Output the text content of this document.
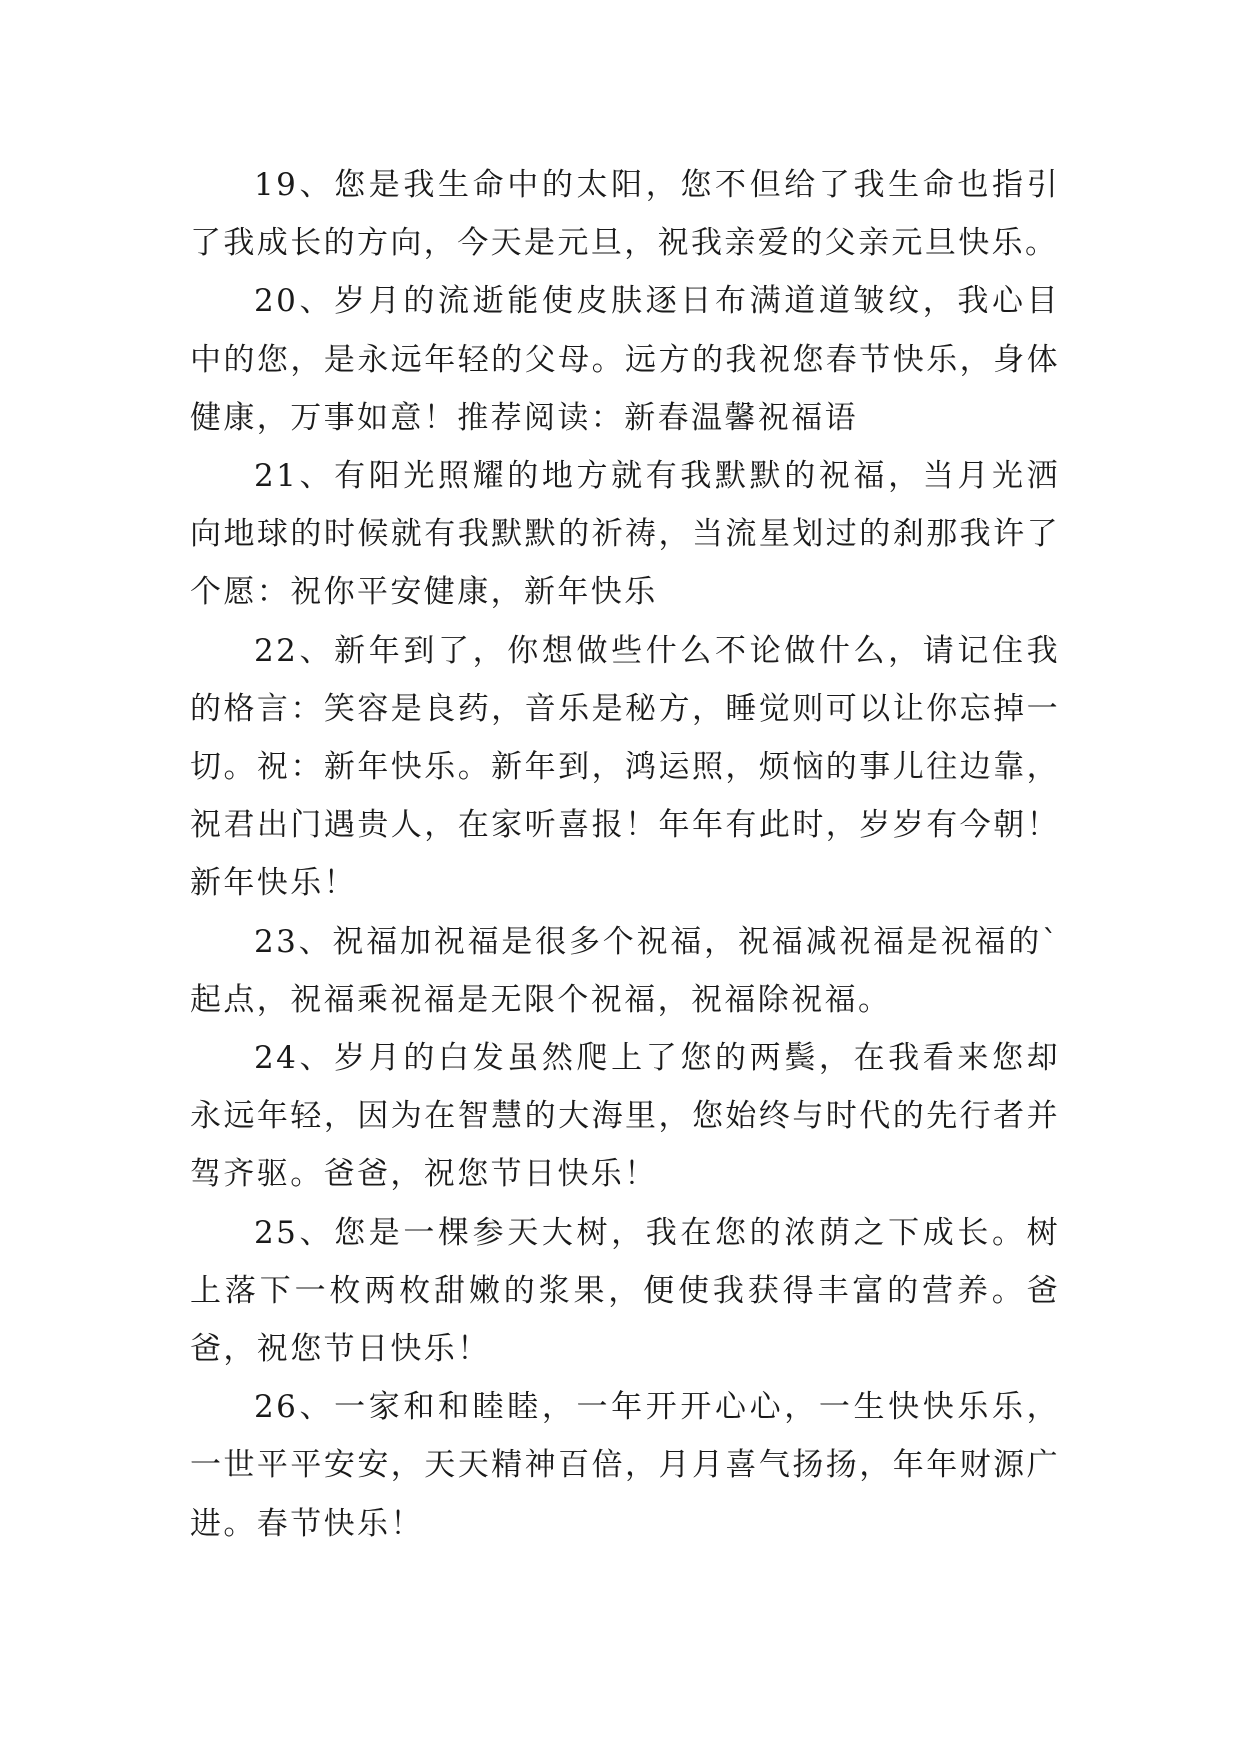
19、您是我生命中的太阳，您不但给了我生命也指引了我成长的方向，今天是元旦，祝我亲爱的父亲元旦快乐。

20、岁月的流逝能使皮肤逐日布满道道皱纹，我心目中的您，是永远年轻的父母。远方的我祝您春节快乐，身体健康，万事如意！推荐阅读：新春温馨祝福语

21、有阳光照耀的地方就有我默默的祝福，当月光洒向地球的时候就有我默默的祈祷，当流星划过的刹那我许了个愿：祝你平安健康，新年快乐

22、新年到了，你想做些什么不论做什么，请记住我的格言：笑容是良药，音乐是秘方，睡觉则可以让你忘掉一切。祝：新年快乐。新年到，鸿运照，烦恼的事儿往边靠，祝君出门遇贵人，在家听喜报！年年有此时，岁岁有今朝！新年快乐！

23、祝福加祝福是很多个祝福，祝福减祝福是祝福的`起点，祝福乘祝福是无限个祝福，祝福除祝福。

24、岁月的白发虽然爬上了您的两鬓，在我看来您却永远年轻，因为在智慧的大海里，您始终与时代的先行者并驾齐驱。爸爸，祝您节日快乐！

25、您是一棵参天大树，我在您的浓荫之下成长。树上落下一枚两枚甜嫩的浆果，便使我获得丰富的营养。爸爸，祝您节日快乐！

26、一家和和睦睦，一年开开心心，一生快快乐乐，一世平平安安，天天精神百倍，月月喜气扬扬，年年财源广进。春节快乐！
